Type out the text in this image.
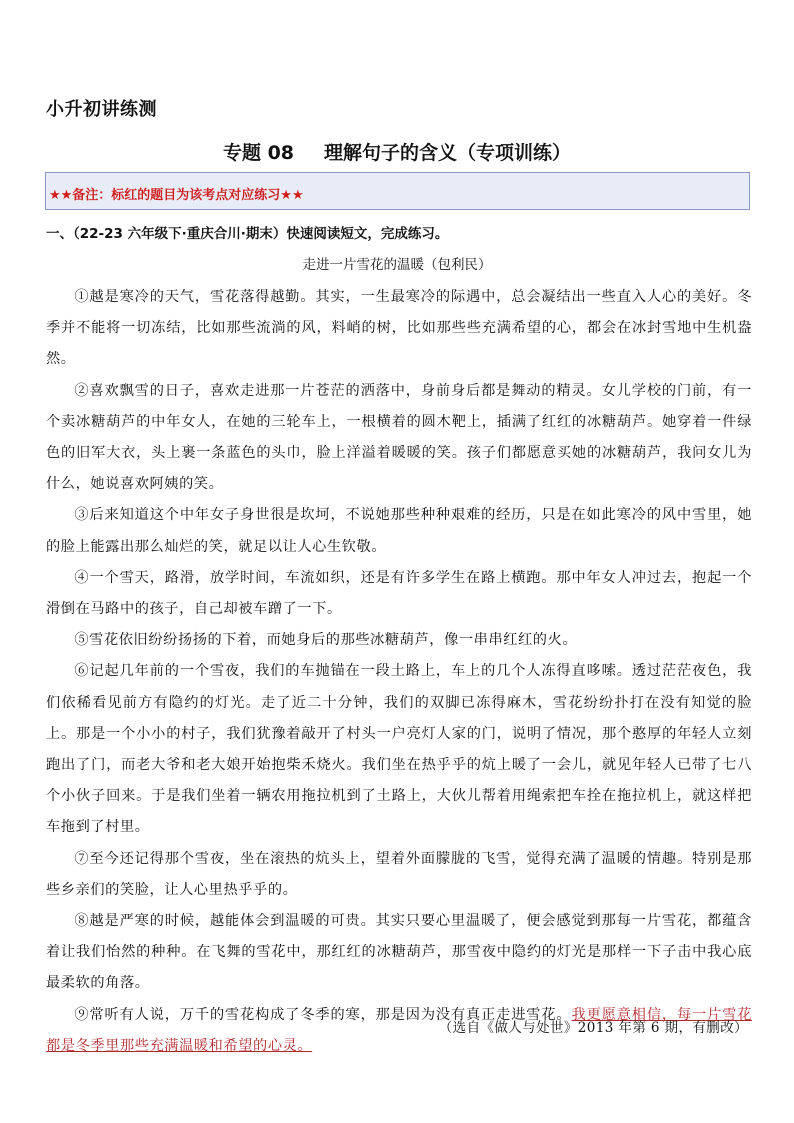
小升初讲练测
专题 08 理解句子的含义（专项训练）
★★备注：标红的题目为该考点对应练习★★
一、（22-23 六年级下·重庆合川·期末）快速阅读短文，完成练习。
走进一片雪花的温暖（包利民）

①越是寒冷的天气，雪花落得越勤。其实，一生最寒冷的际遇中，总会凝结出一些直入人心的美好。冬季并不能将一切冻结，比如那些流淌的风，料峭的树，比如那些些充满希望的心，都会在冰封雪地中生机盎然。

②喜欢飘雪的日子，喜欢走进那一片苍茫的洒落中，身前身后都是舞动的精灵。女儿学校的门前，有一个卖冰糖葫芦的中年女人，在她的三轮车上，一根横着的圆木靶上，插满了红红的冰糖葫芦。她穿着一件绿色的旧军大衣，头上裹一条蓝色的头巾，脸上洋溢着暖暖的笑。孩子们都愿意买她的冰糖葫芦，我问女儿为什么，她说喜欢阿姨的笑。

③后来知道这个中年女子身世很是坎坷，不说她那些种种艰难的经历，只是在如此寒冷的风中雪里，她的脸上能露出那么灿烂的笑，就足以让人心生钦敬。

④一个雪天，路滑，放学时间，车流如织，还是有许多学生在路上横跑。那中年女人冲过去，抱起一个滑倒在马路中的孩子，自己却被车蹭了一下。

⑤雪花依旧纷纷扬扬的下着，而她身后的那些冰糖葫芦，像一串串红红的火。

⑥记起几年前的一个雪夜，我们的车抛锚在一段土路上，车上的几个人冻得直哆嗦。透过茫茫夜色，我们依稀看见前方有隐约的灯光。走了近二十分钟，我们的双脚已冻得麻木，雪花纷纷扑打在没有知觉的脸上。那是一个小小的村子，我们犹豫着敲开了村头一户亮灯人家的门，说明了情况，那个憨厚的年轻人立刻跑出了门，而老大爷和老大娘开始抱柴禾烧火。我们坐在热乎乎的炕上暖了一会儿，就见年轻人已带了七八个小伙子回来。于是我们坐着一辆农用拖拉机到了土路上，大伙儿帮着用绳索把车拴在拖拉机上，就这样把车拖到了村里。

⑦至今还记得那个雪夜，坐在滚热的炕头上，望着外面朦胧的飞雪，觉得充满了温暖的情趣。特别是那些乡亲们的笑脸，让人心里热乎乎的。

⑧越是严寒的时候，越能体会到温暖的可贵。其实只要心里温暖了，便会感觉到那每一片雪花，都蕴含着让我们怡然的种种。在飞舞的雪花中，那红红的冰糖葫芦，那雪夜中隐约的灯光是那样一下子击中我心底最柔软的角落。

⑨常听有人说，万千的雪花构成了冬季的寒，那是因为没有真正走进雪花。我更愿意相信，每一片雪花都是冬季里那些充满温暖和希望的心灵。

（选自《做人与处世》2013 年第 6 期，有删改）
